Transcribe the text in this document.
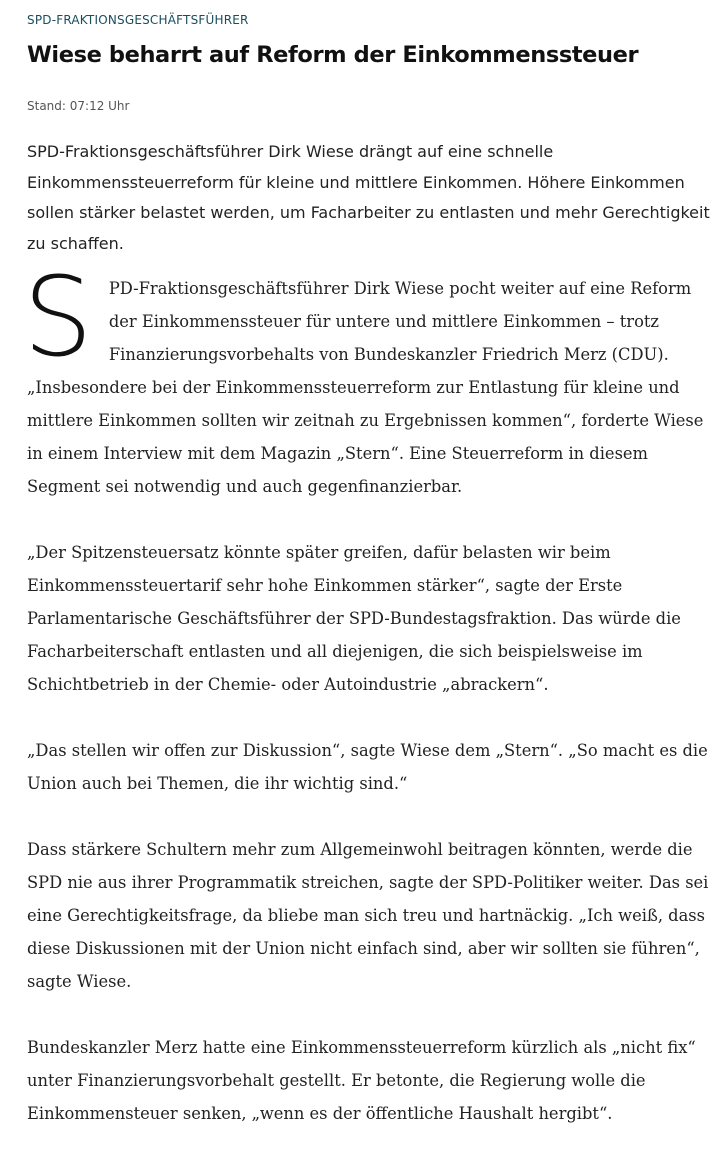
SPD-FRAKTIONSGESCHÄFTSFÜHRER
Wiese beharrt auf Reform der Einkommenssteuer
Stand: 07:12 Uhr

SPD-Fraktionsgeschäftsführer Dirk Wiese drängt auf eine schnelle Einkommenssteuerreform für kleine und mittlere Einkommen. Höhere Einkommen sollen stärker belastet werden, um Facharbeiter zu entlasten und mehr Gerechtigkeit zu schaffen.

SPD-Fraktionsgeschäftsführer Dirk Wiese pocht weiter auf eine Reform der Einkommenssteuer für untere und mittlere Einkommen – trotz Finanzierungsvorbehalts von Bundeskanzler Friedrich Merz (CDU). „Insbesondere bei der Einkommenssteuerreform zur Entlastung für kleine und mittlere Einkommen sollten wir zeitnah zu Ergebnissen kommen“, forderte Wiese in einem Interview mit dem Magazin „Stern“. Eine Steuerreform in diesem Segment sei notwendig und auch gegenfinanzierbar.

„Der Spitzensteuersatz könnte später greifen, dafür belasten wir beim Einkommenssteuertarif sehr hohe Einkommen stärker“, sagte der Erste Parlamentarische Geschäftsführer der SPD-Bundestagsfraktion. Das würde die Facharbeiterschaft entlasten und all diejenigen, die sich beispielsweise im Schichtbetrieb in der Chemie- oder Autoindustrie „abrackern“.

„Das stellen wir offen zur Diskussion“, sagte Wiese dem „Stern“. „So macht es die Union auch bei Themen, die ihr wichtig sind.“

Dass stärkere Schultern mehr zum Allgemeinwohl beitragen könnten, werde die SPD nie aus ihrer Programmatik streichen, sagte der SPD-Politiker weiter. Das sei eine Gerechtigkeitsfrage, da bliebe man sich treu und hartnäckig. „Ich weiß, dass diese Diskussionen mit der Union nicht einfach sind, aber wir sollten sie führen“, sagte Wiese.

Bundeskanzler Merz hatte eine Einkommenssteuerreform kürzlich als „nicht fix“ unter Finanzierungsvorbehalt gestellt. Er betonte, die Regierung wolle die Einkommensteuer senken, „wenn es der öffentliche Haushalt hergibt“.
